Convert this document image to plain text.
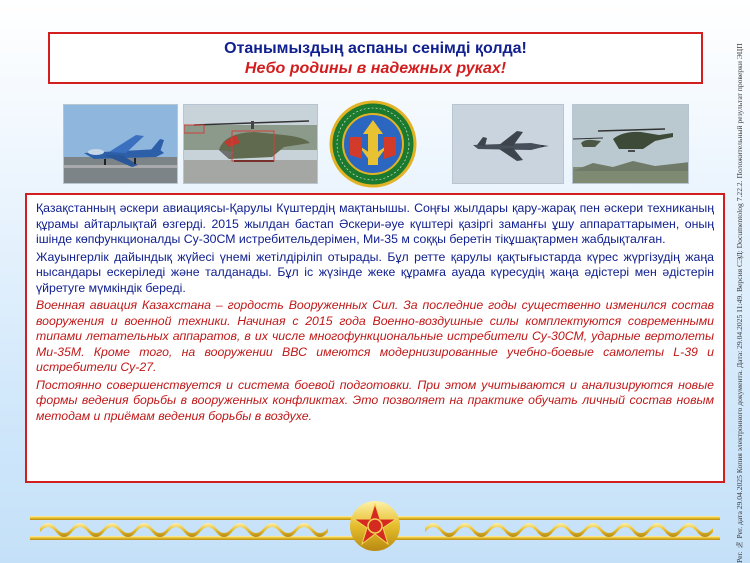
Отанымыздың аспаны сенімді қолда!
Небо родины в надежных руках!

Қазақстанның әскери авиациясы-Қарулы Күштердің мақтанышы. Соңғы жылдары қару-жарақ пен әскери техниканың құрамы айтарлықтай өзгерді. 2015 жылдан бастап Әскери-әуе күштері қазіргі заманғы ұшу аппараттарымен, оның ішінде көпфункционалды Су-30СМ истребительдерімен, Ми-35 м соққы беретін тікұшақтармен жабдықталған.

Жауынгерлік дайындық жүйесі үнемі жетілдіріліп отырады. Бұл ретте қарулы қақтығыстарда күрес жүргізудің жаңа нысандары ескеріледі және талданады. Бұл іс жүзінде жеке құрамға ауада күресудің жаңа әдістері мен әдістерін үйретуге мүмкіндік береді.

Военная авиация Казахстана – гордость Вооруженных Сил. За последние годы существенно изменился состав вооружения и военной техники. Начиная с 2015 года Военно-воздушные силы комплектуются современными типами летательных аппаратов, в их числе многофункциональные истребители Су-30СМ, ударные вертолеты Ми-35М. Кроме того, на вооружении ВВС имеются модернизированные учебно-боевые самолеты L-39 и истребители Су-27.

Постоянно совершенствуется и система боевой подготовки. При этом учитываются и анализируются новые формы ведения борьбы в вооруженных конфликтах. Это позволяет на практике обучать личный состав новым методам и приёмам ведения борьбы в воздухе.	Рег. № Рег. дата 29.04.2025 Копия электронного документа. Дата: 29.04.2025 11:49. Версия СЭД: Documentolog 7.22.2. Положительный результат проверки ЭЦП
